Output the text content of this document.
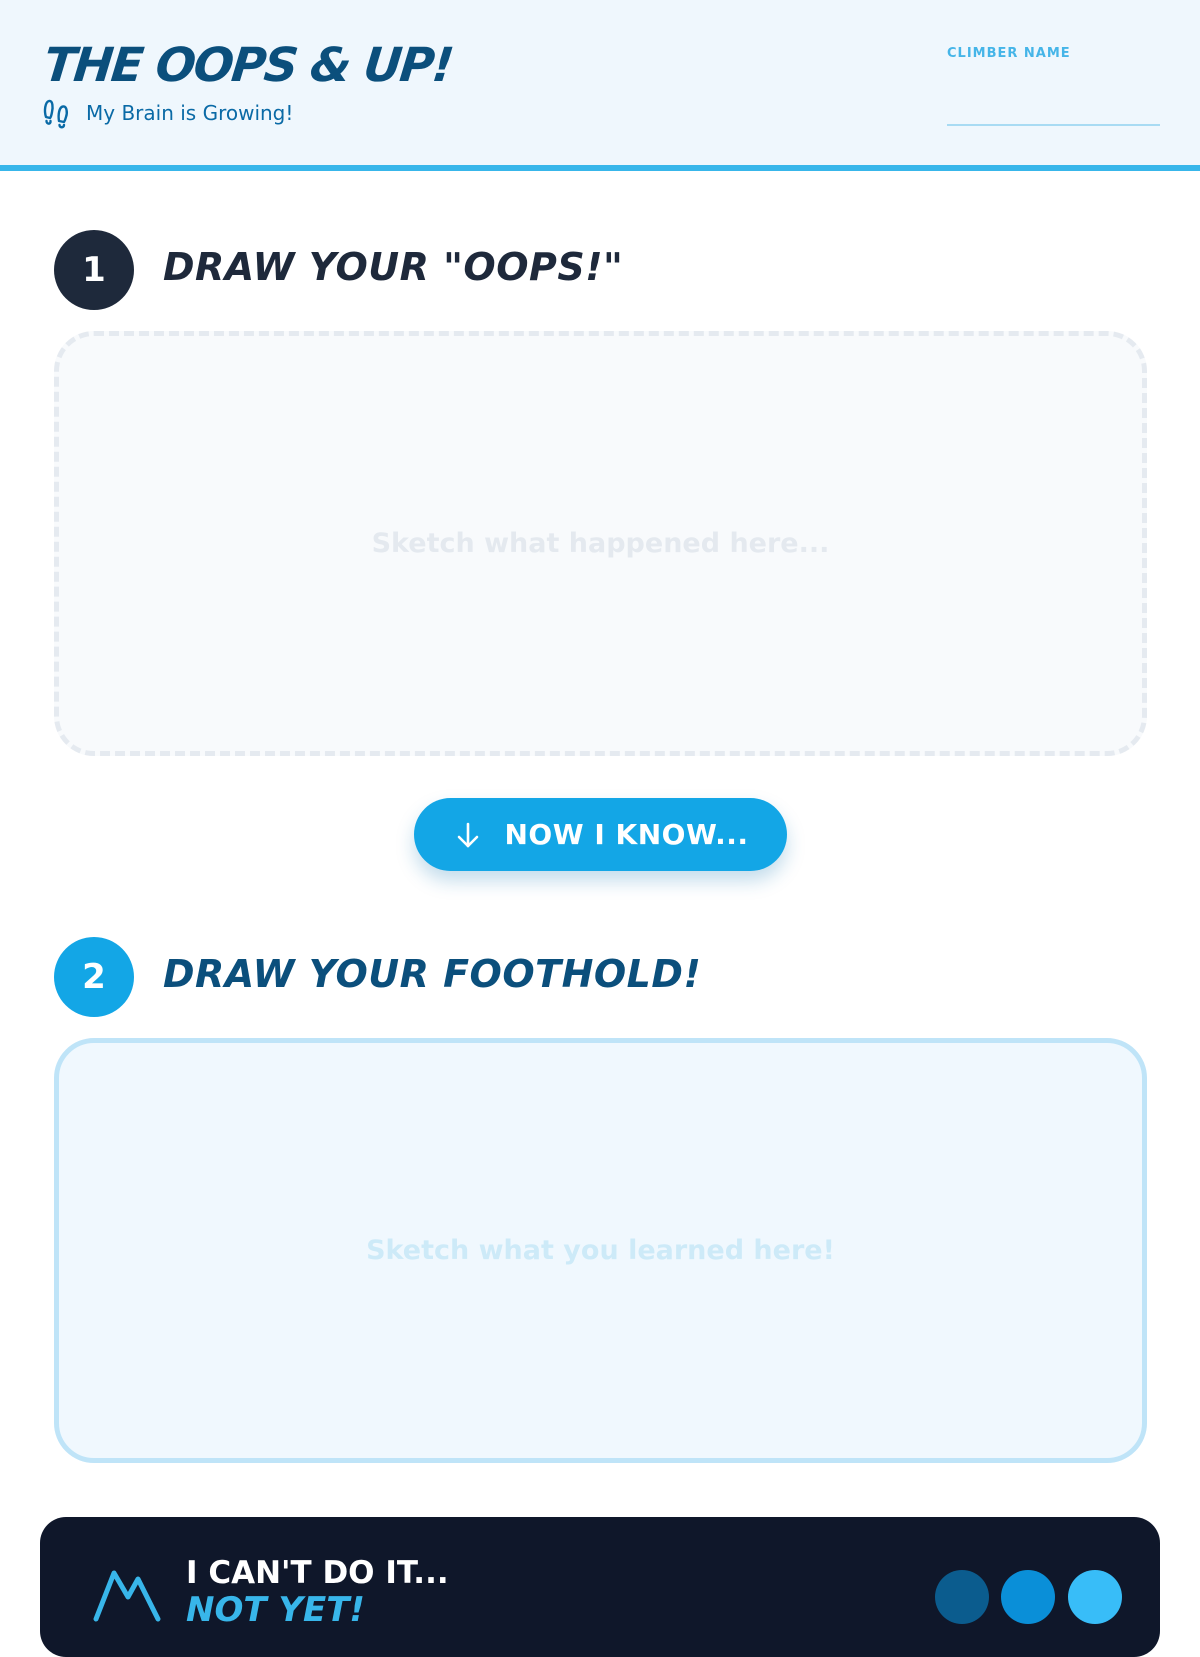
THE OOPS & UP!
My Brain is Growing!
CLIMBER NAME
1	DRAW YOUR "OOPS!"
Sketch what happened here...
NOW I KNOW...
2	DRAW YOUR FOOTHOLD!
Sketch what you learned here!
I CAN'T DO IT...
NOT YET!
